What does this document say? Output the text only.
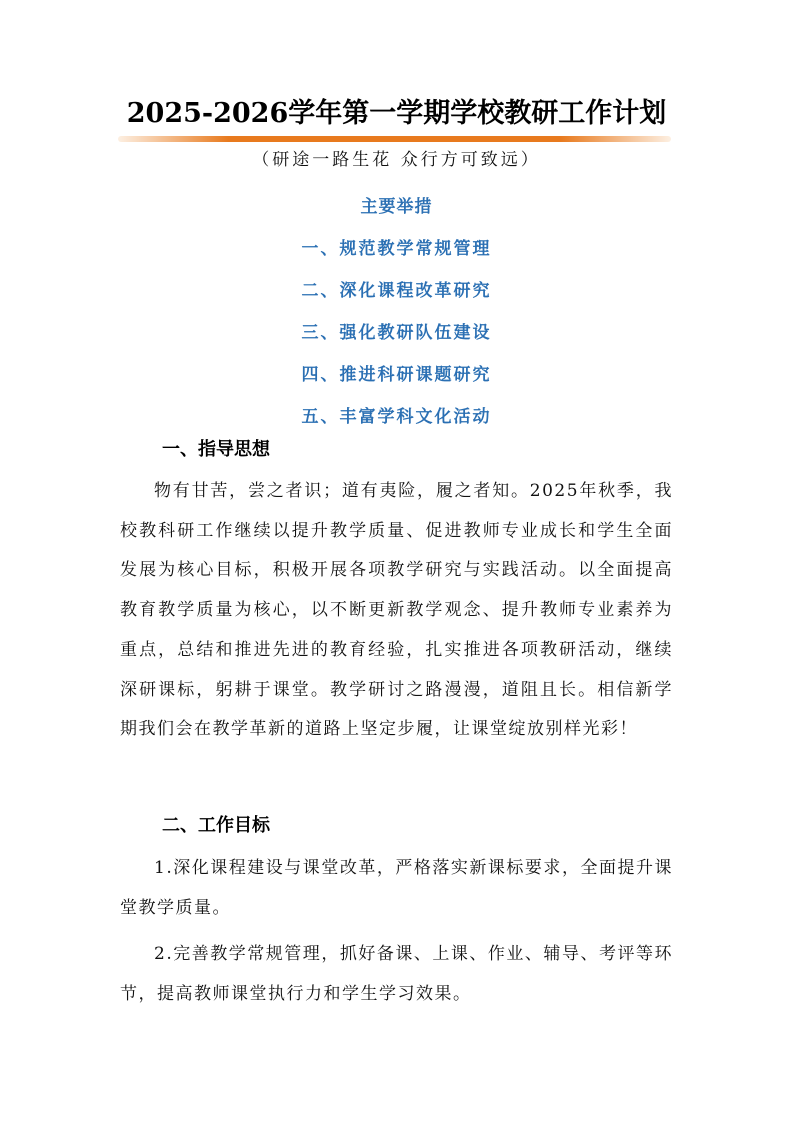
2025-2026学年第一学期学校教研工作计划
（研途一路生花 众行方可致远）
主要举措
一、规范教学常规管理
二、深化课程改革研究
三、强化教研队伍建设
四、推进科研课题研究
五、丰富学科文化活动
一、指导思想
物有甘苦，尝之者识；道有夷险，履之者知。2025年秋季，我校教科研工作继续以提升教学质量、促进教师专业成长和学生全面发展为核心目标，积极开展各项教学研究与实践活动。以全面提高教育教学质量为核心，以不断更新教学观念、提升教师专业素养为重点，总结和推进先进的教育经验，扎实推进各项教研活动，继续深研课标，躬耕于课堂。教学研讨之路漫漫，道阻且长。相信新学期我们会在教学革新的道路上坚定步履，让课堂绽放别样光彩！
二、工作目标
1.深化课程建设与课堂改革，严格落实新课标要求，全面提升课堂教学质量。
2.完善教学常规管理，抓好备课、上课、作业、辅导、考评等环节，提高教师课堂执行力和学生学习效果。
